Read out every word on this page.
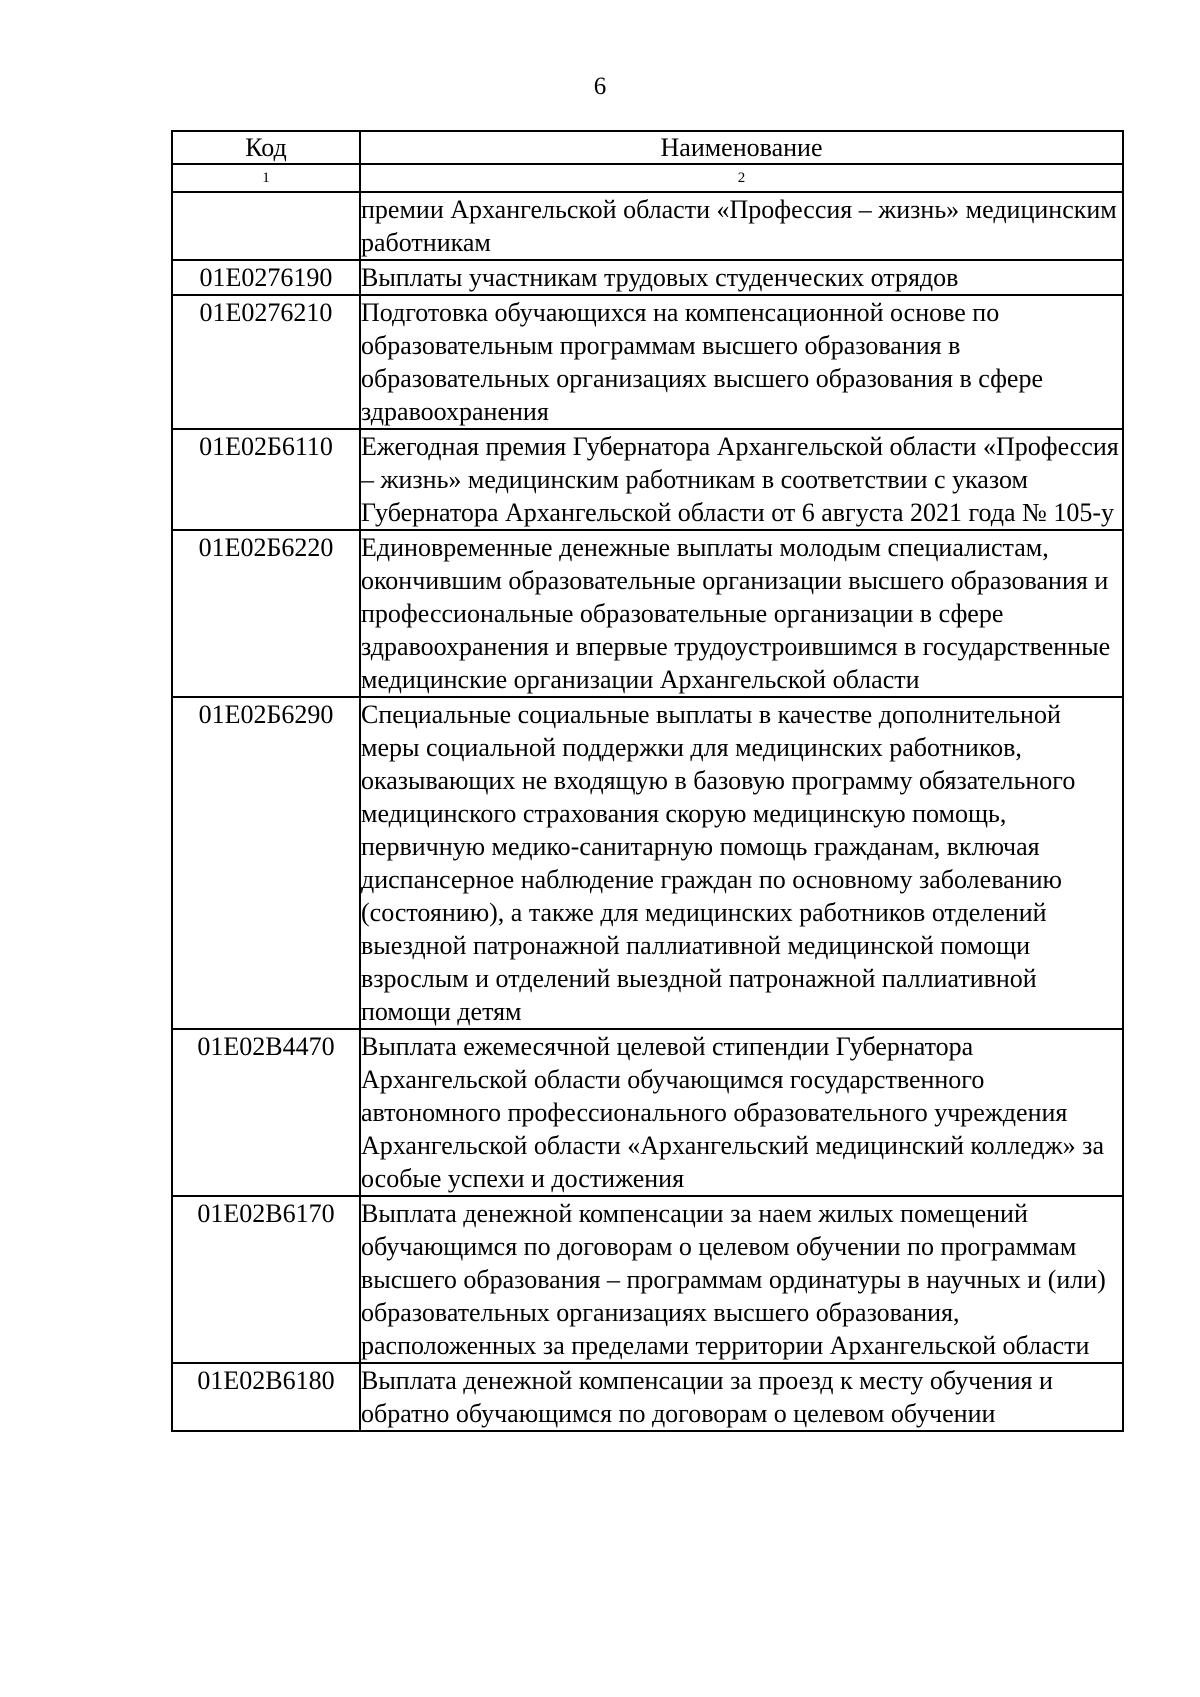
6
Код	Наименование
1	2

	премии Архангельской области «Профессия – жизнь» медицинским работникам

01Е0276190	Выплаты участникам трудовых студенческих отрядов

01Е0276210	Подготовка обучающихся на компенсационной основе по образовательным программам высшего образования в образовательных организациях высшего образования в сфере здравоохранения

01Е02Б6110	Ежегодная премия Губернатора Архангельской области «Профессия – жизнь» медицинским работникам в соответствии с указом Губернатора Архангельской области от 6 августа 2021 года № 105-у

01Е02Б6220	Единовременные денежные выплаты молодым специалистам, окончившим образовательные организации высшего образования и профессиональные образовательные организации в сфере здравоохранения и впервые трудоустроившимся в государственные медицинские организации Архангельской области

01Е02Б6290	Специальные социальные выплаты в качестве дополнительной меры социальной поддержки для медицинских работников, оказывающих не входящую в базовую программу обязательного медицинского страхования скорую медицинскую помощь, первичную медико-санитарную помощь гражданам, включая диспансерное наблюдение граждан по основному заболеванию (состоянию), а также для медицинских работников отделений выездной патронажной паллиативной медицинской помощи взрослым и отделений выездной патронажной паллиативной помощи детям

01Е02В4470	Выплата ежемесячной целевой стипендии Губернатора Архангельской области обучающимся государственного автономного профессионального образовательного учреждения Архангельской области «Архангельский медицинский колледж» за особые успехи и достижения

01Е02В6170	Выплата денежной компенсации за наем жилых помещений обучающимся по договорам о целевом обучении по программам высшего образования – программам ординатуры в научных и (или) образовательных организациях высшего образования, расположенных за пределами территории Архангельской области

01Е02В6180	Выплата денежной компенсации за проезд к месту обучения и обратно обучающимся по договорам о целевом обучении
